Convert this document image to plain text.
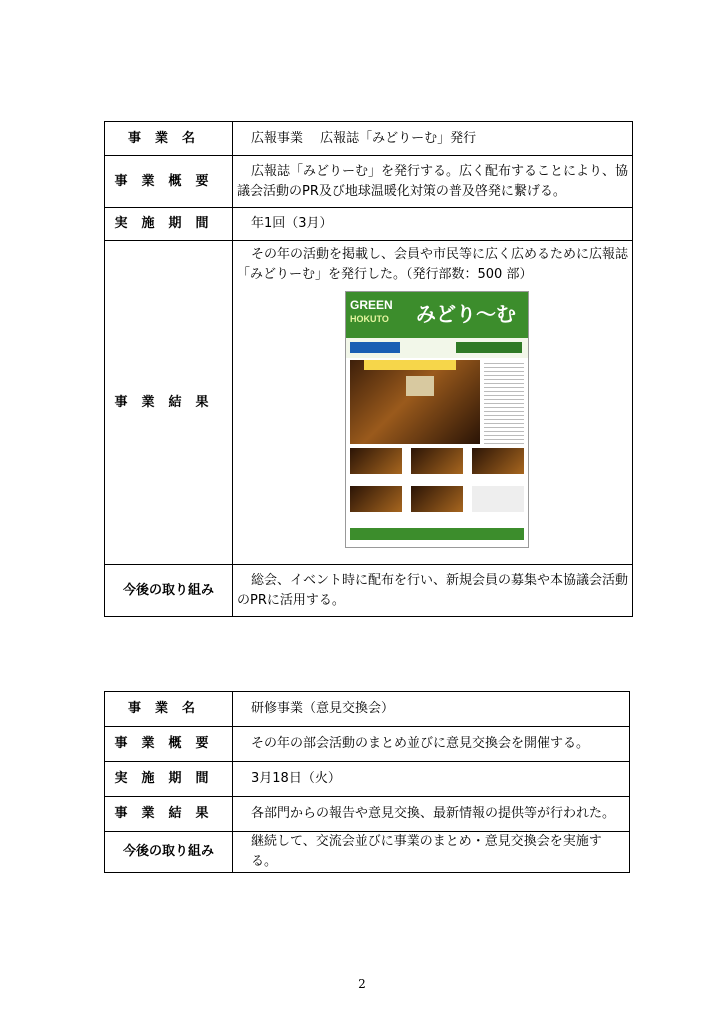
事業名	広報事業　 広報誌「みどりーむ」発行
事業概要	広報誌「みどりーむ」を発行する。広く配布することにより、協議会活動のPR及び地球温暖化対策の普及啓発に繋げる。
実施期間	年1回（3月）
事業結果	その年の活動を掲載し、会員や市民等に広く広めるために広報誌「みどりーむ」を発行した。（発行部数：500 部）
GREEN
HOKUTO みどり～む

今後の取り組み	総会、イベント時に配布を行い、新規会員の募集や本協議会活動のPRに活用する。
事業名	研修事業（意見交換会）
事業概要	その年の部会活動のまとめ並びに意見交換会を開催する。
実施期間	3月18日（火）
事業結果	各部門からの報告や意見交換、最新情報の提供等が行われた。
今後の取り組み	継続して、交流会並びに事業のまとめ・意見交換会を実施する。
2
